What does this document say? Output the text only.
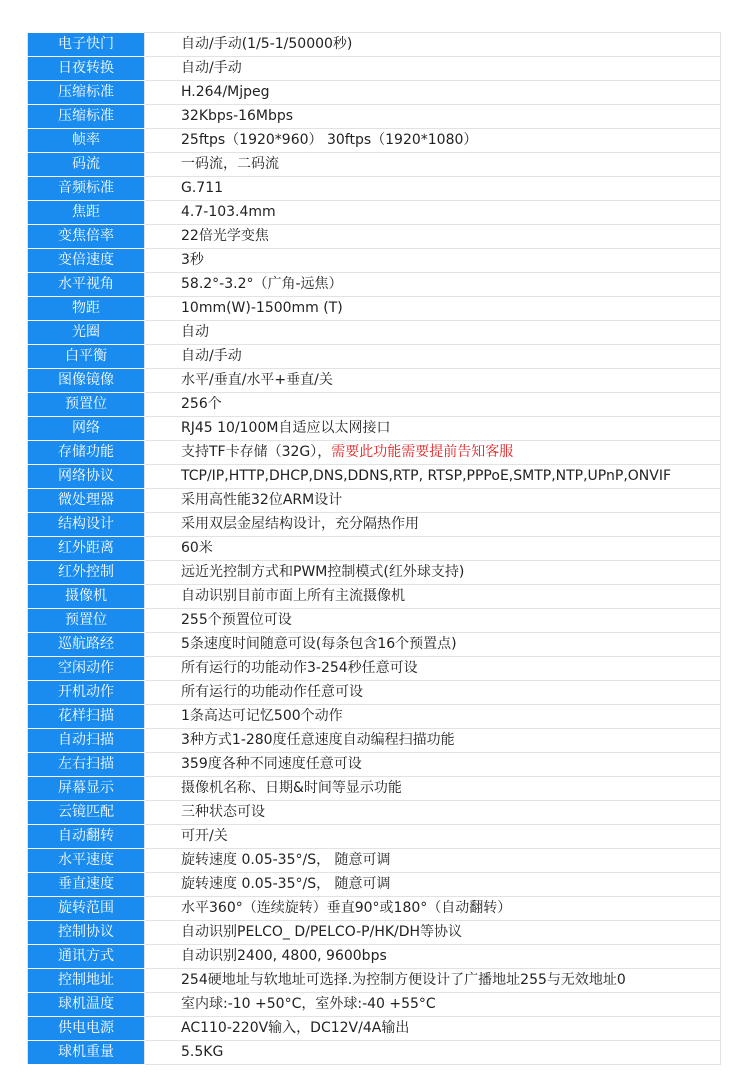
电子快门	自动/手动(1/5-1/50000秒)
日夜转换	自动/手动
压缩标准	H.264/Mjpeg
压缩标准	32Kbps-16Mbps
帧率	25ftps（1920*960） 30ftps（1920*1080）
码流	一码流，二码流
音频标准	G.711
焦距	4.7-103.4mm
变焦倍率	22倍光学变焦
变倍速度	3秒
水平视角	58.2°-3.2°（广角-远焦）
物距	10mm(W)-1500mm (T)
光圈	自动
白平衡	自动/手动
图像镜像	水平/垂直/水平+垂直/关
预置位	256个
网络	RJ45 10/100M自适应以太网接口
存储功能	支持TF卡存储（32G），需要此功能需要提前告知客服
网络协议	TCP/IP,HTTP,DHCP,DNS,DDNS,RTP, RTSP,PPPoE,SMTP,NTP,UPnP,ONVIF
微处理器	采用高性能32位ARM设计
结构设计	采用双层金屋结构设计，充分隔热作用
红外距离	60米
红外控制	远近光控制方式和PWM控制模式(红外球支持)
摄像机	自动识别目前市面上所有主流摄像机
预置位	255个预置位可设
巡航路经	5条速度时间随意可设(每条包含16个预置点)
空闲动作	所有运行的功能动作3-254秒任意可设
开机动作	所有运行的功能动作任意可设
花样扫描	1条高达可记忆500个动作
自动扫描	3种方式1-280度任意速度自动编程扫描功能
左右扫描	359度各种不同速度任意可设
屏幕显示	摄像机名称、日期&时间等显示功能
云镜匹配	三种状态可设
自动翻转	可开/关
水平速度	旋转速度 0.05-35°/S， 随意可调
垂直速度	旋转速度 0.05-35°/S， 随意可调
旋转范围	水平360°（连续旋转）垂直90°或180°（自动翻转）
控制协议	自动识别PELCO_ D/PELCO-P/HK/DH等协议
通讯方式	自动识别2400, 4800, 9600bps
控制地址	254硬地址与软地址可选择.为控制方便设计了广播地址255与无效地址0
球机温度	室内球:-10 +50°C，室外球:-40 +55°C
供电电源	AC110-220V输入，DC12V/4A输出
球机重量	5.5KG
